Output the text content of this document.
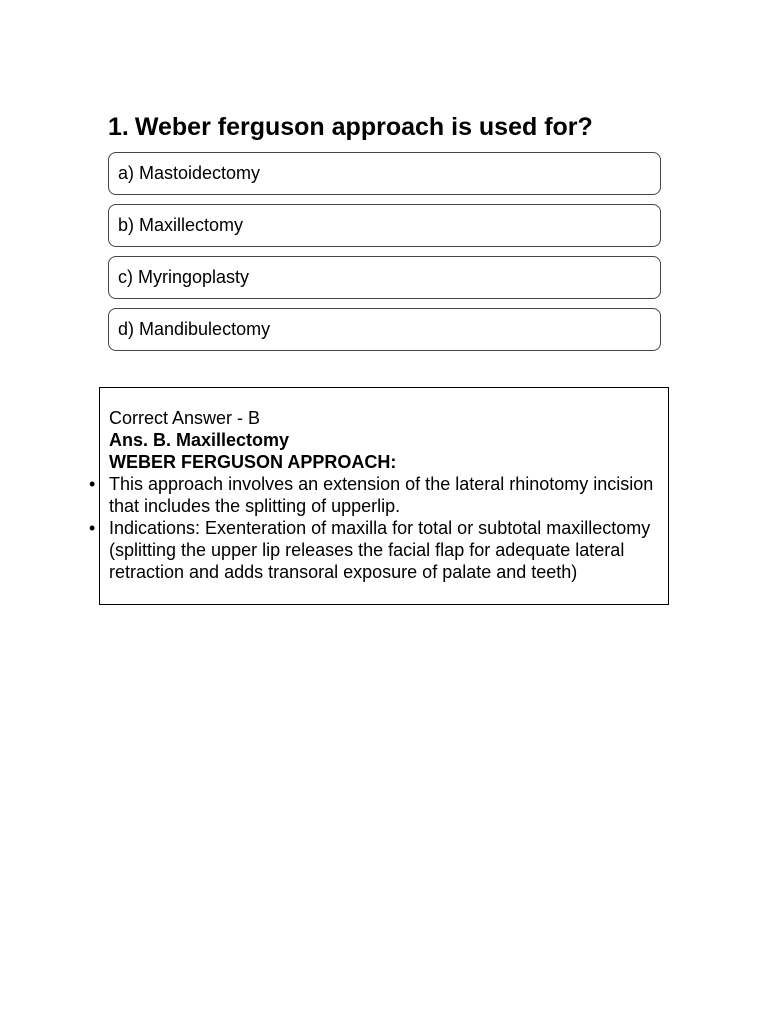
1. Weber ferguson approach is used for?
a) Mastoidectomy
b) Maxillectomy
c) Myringoplasty
d) Mandibulectomy

Correct Answer - B

Ans. B. Maxillectomy

WEBER FERGUSON APPROACH:

• This approach involves an extension of the lateral rhinotomy incision that includes the splitting of upperlip.
• Indications: Exenteration of maxilla for total or subtotal maxillectomy (splitting the upper lip releases the facial flap for adequate lateral retraction and adds transoral exposure of palate and teeth)
